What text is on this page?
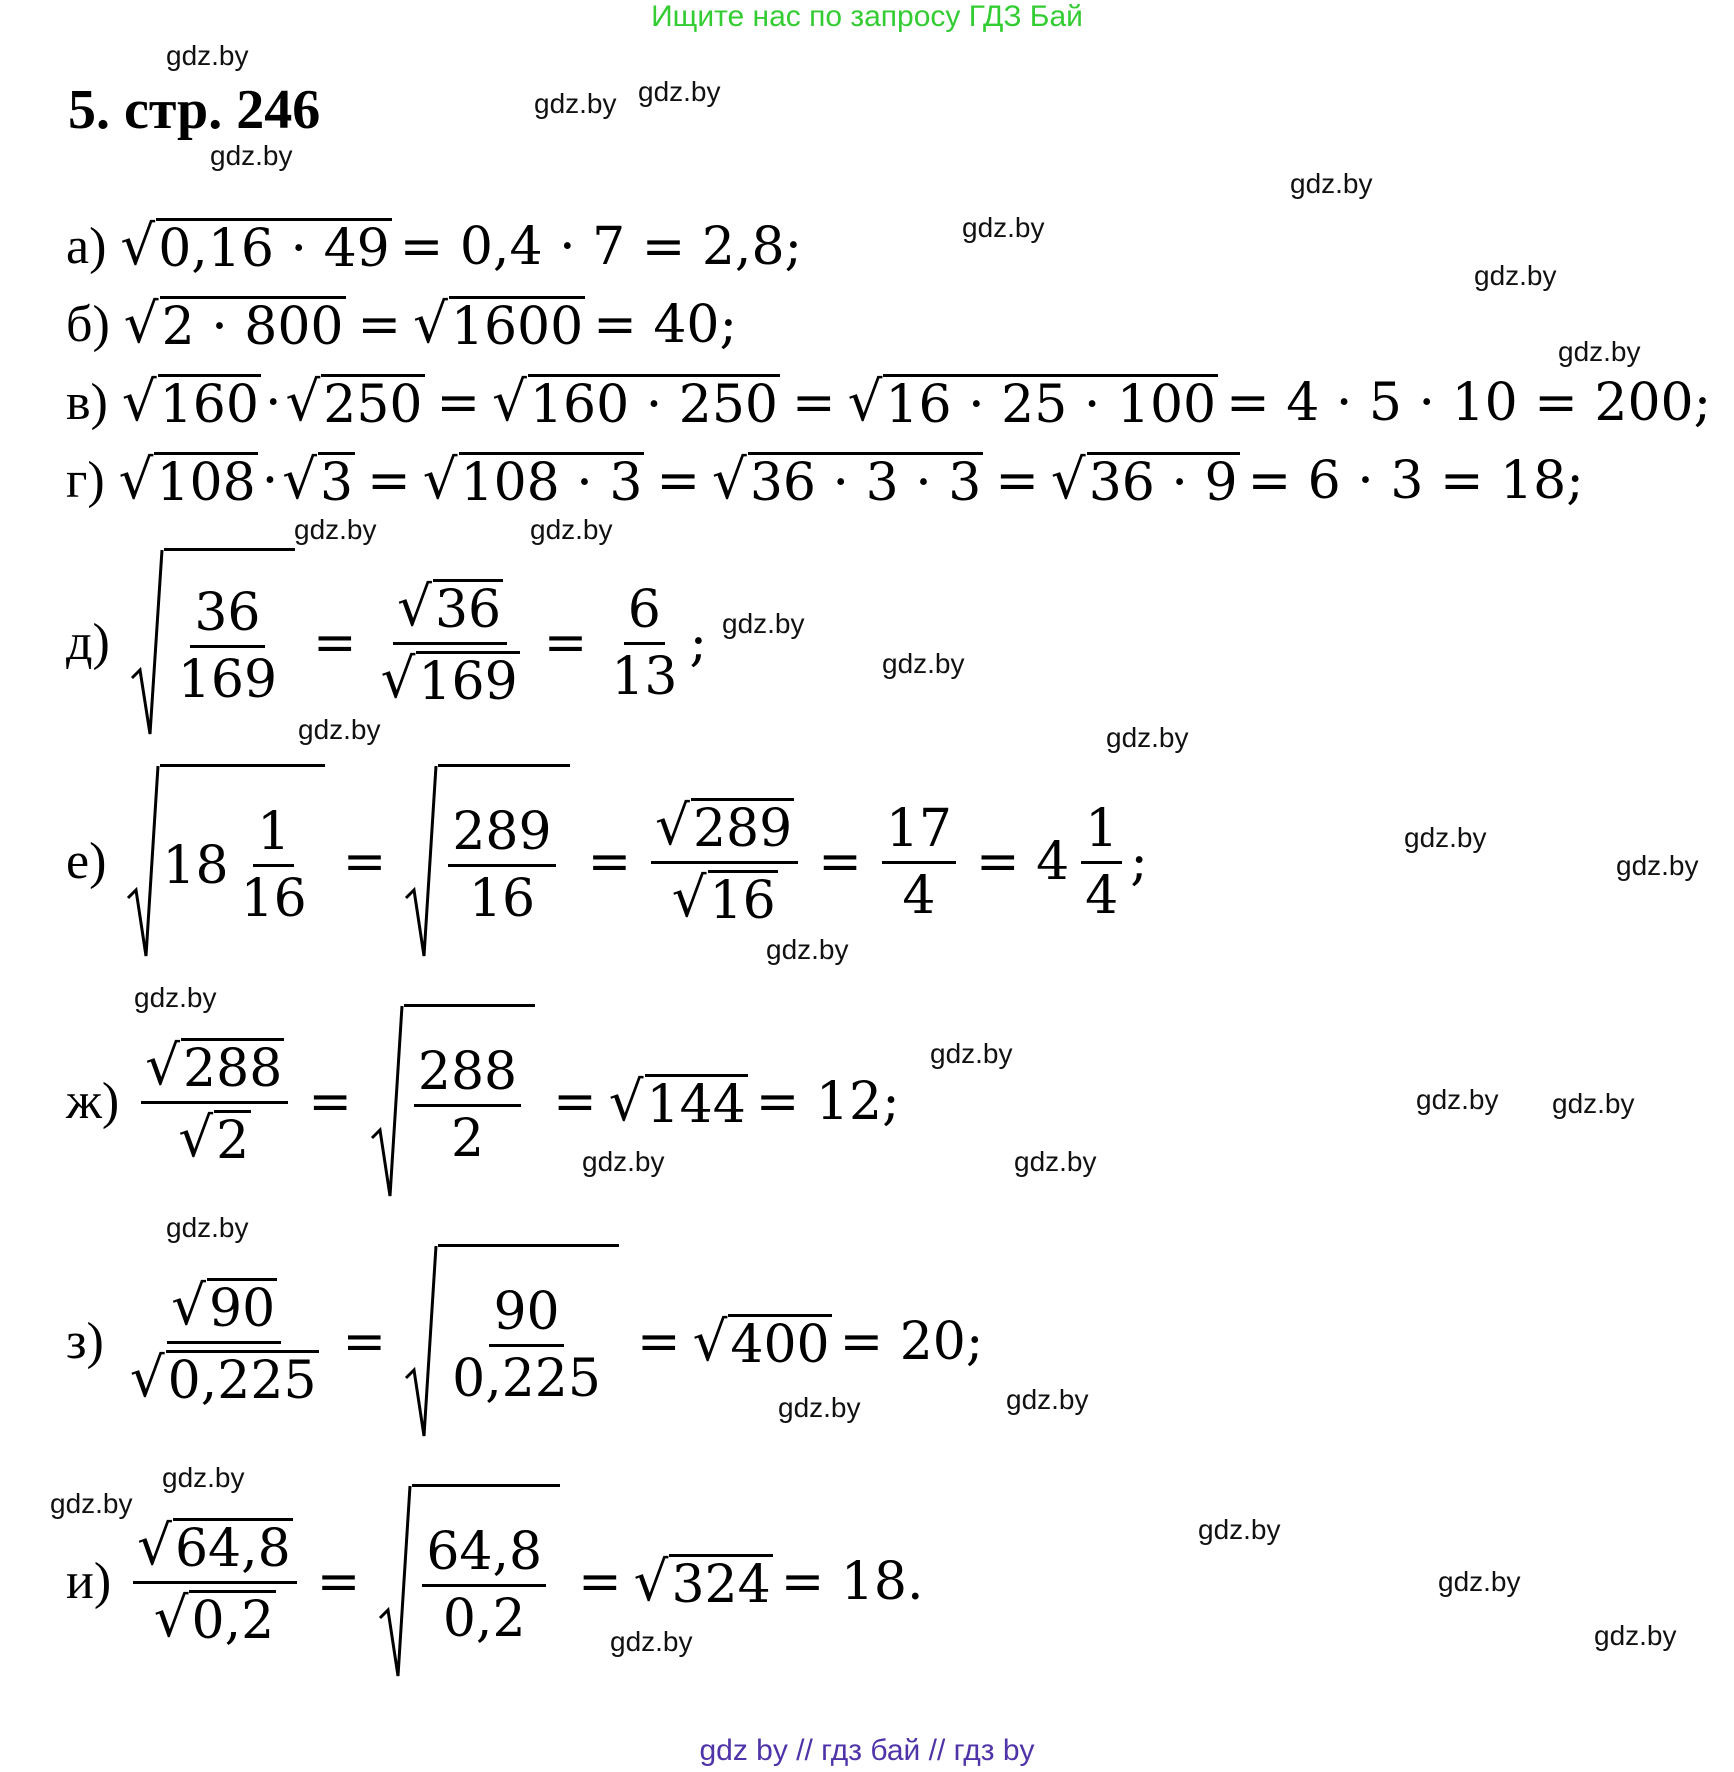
Ищите нас по запросу ГДЗ Бай
5. стр. 246
gdz.by
gdz.by gdz.by
gdz.by
gdz.by
gdz.by
gdz.by
gdz.by
gdz.by	gdz.by
gdz.by
gdz.by
gdz.by	gdz.by
gdz.by
gdz.by
gdz.by
gdz.by
gdz.by
gdz.by gdz.by
gdz.by	gdz.by
gdz.by
gdz.by	gdz.by
gdz.by
gdz.by
gdz.by
gdz.by
gdz.by	gdz.by
а) √ 0,16 · 49 = 0,4 · 7 = 2,8;
б) √ 2 · 800 = √ 1600 = 40;
в) √ 160 · √ 250 = √ 160 · 250 = √ 16 · 25 · 100 = 4 · 5 · 10 = 200;
г) √ 108 · √ 3 = √ 108 · 3 = √ 36 · 3 · 3 = √ 36 · 9 = 6 · 3 = 18;
д) 36
169
= $\frac{√ 36}{√ 169} = \frac{6}{13}$ ;
е) 18
1
16
= 289
16
= $\frac{√ 289}{√ 16} = \frac{17}{4} = 4$
1
4
;
$ж) \frac{√ 288}{√ 2} = 288$
2
= √ 144 = 12;
$з) \frac{√ 90}{√ 0,225} = 90$
0,225
= √ 400 = 20;
$и) \frac{√ 64,8}{√ 0,2} = 64,8$
0,2
= √ 324 = 18.
gdz by // гдз бай // гдз by
